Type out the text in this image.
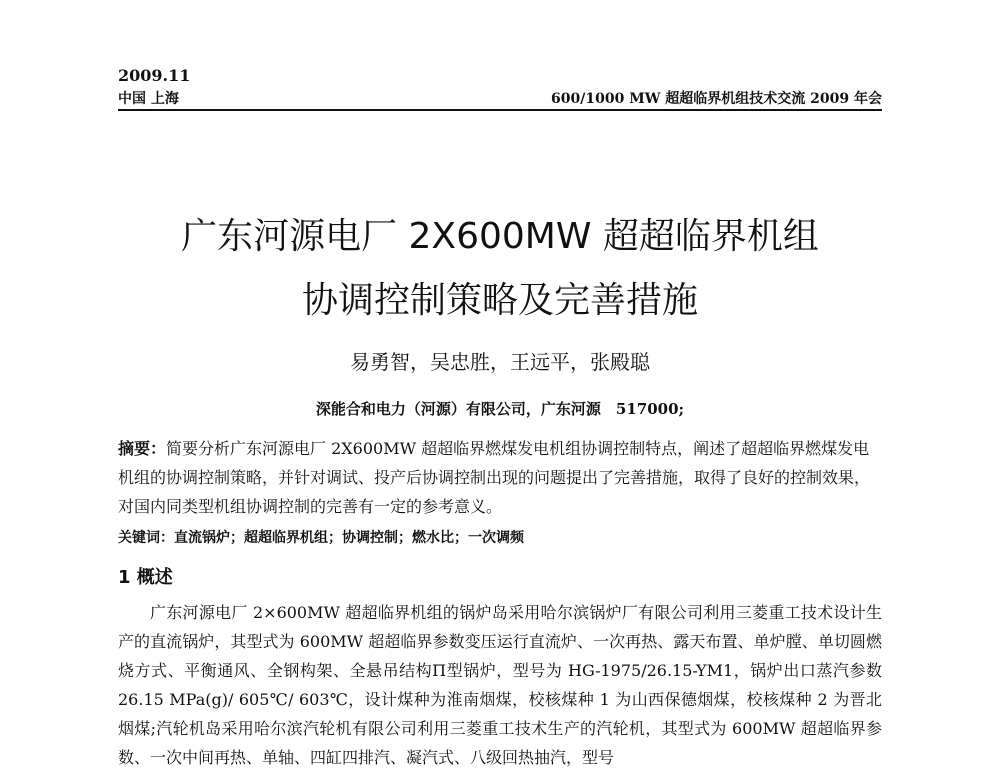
2009.11
中国 上海	600/1000 MW 超超临界机组技术交流 2009 年会
广东河源电厂 2X600MW 超超临界机组
协调控制策略及完善措施
易勇智，吴忠胜，王远平，张殿聪
深能合和电力（河源）有限公司，广东河源　517000;

摘要：简要分析广东河源电厂 2X600MW 超超临界燃煤发电机组协调控制特点，阐述了超超临界燃煤发电机组的协调控制策略，并针对调试、投产后协调控制出现的问题提出了完善措施，取得了良好的控制效果，对国内同类型机组协调控制的完善有一定的参考意义。

关键词：直流锅炉；超超临界机组；协调控制；燃水比；一次调频
1 概述

广东河源电厂 2×600MW 超超临界机组的锅炉岛采用哈尔滨锅炉厂有限公司利用三菱重工技术设计生产的直流锅炉，其型式为 600MW 超超临界参数变压运行直流炉、一次再热、露天布置、单炉膛、单切圆燃烧方式、平衡通风、全钢构架、全悬吊结构Π型锅炉，型号为 HG-1975/26.15-YM1，锅炉出口蒸汽参数 26.15 MPa(g)/ 605℃/ 603℃，设计煤种为淮南烟煤，校核煤种 1 为山西保德烟煤，校核煤种 2 为晋北烟煤;汽轮机岛采用哈尔滨汽轮机有限公司利用三菱重工技术生产的汽轮机，其型式为 600MW 超超临界参数、一次中间再热、单轴、四缸四排汽、凝汽式、八级回热抽汽，型号
